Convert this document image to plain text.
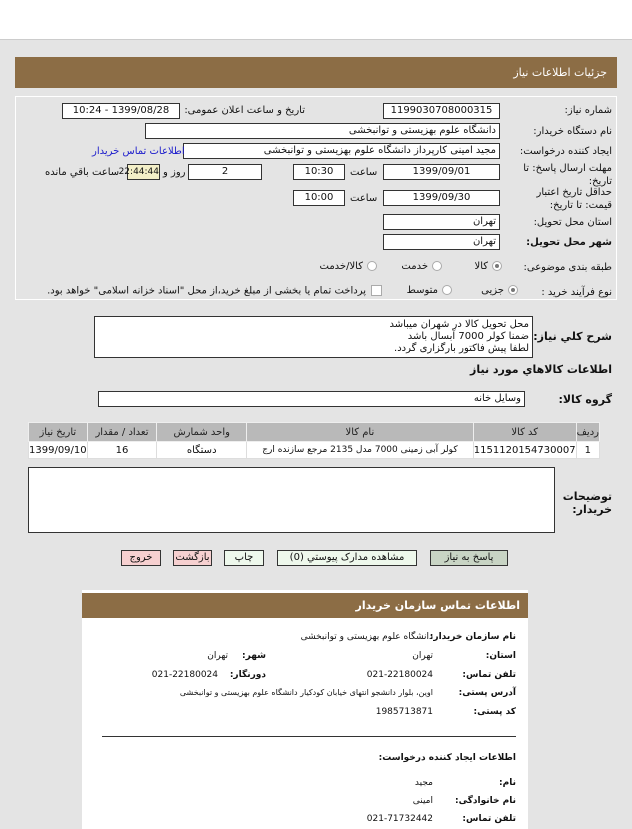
جزئیات اطلاعات نیاز
شماره نیاز:
1199030708000315
تاریخ و ساعت اعلان عمومی:
1399/08/28 - 10:24
نام دستگاه خریدار:
دانشگاه علوم بهزیستی و توانبخشی
ایجاد کننده درخواست:
مجید امینی کارپرداز دانشگاه علوم بهزیستی و توانبخشی
اطلاعات تماس خریدار
مهلت ارسال پاسخ: تا تاریخ:
1399/09/01
ساعت
10:30
2
روز و
22:44:44
ساعت باقي مانده
حداقل تاریخ اعتبار قیمت: تا تاریخ:
1399/09/30
ساعت
10:00
استان محل تحویل:
تهران
شهر محل تحویل:
تهران
طبقه بندی موضوعی:
کالا
خدمت
کالا/خدمت
نوع فرآیند خرید :
جزیی
متوسط
پرداخت تمام یا بخشی از مبلغ خرید،از محل "اسناد خزانه اسلامی" خواهد بود.
شرح کلي نياز:
محل تحویل کالا در شهران میباشد
ضمنا کولر 7000 آبسال باشد
لطفا پیش فاکتور بارگزاری گردد.
اطلاعات کالاهاي مورد نياز
گروه کالا:
وسایل خانه
رديف	کد کالا	نام کالا	واحد شمارش	تعداد / مقدار	تاریخ نیاز
1	1151120154730007	کولر آبی زمینی 7000 مدل 2135 مرجع سازنده ارج	دستگاه	16	1399/09/10
توضیحات خریدار:
پاسخ به نیاز
مشاهده مدارک پیوستي (0)
چاپ
بازگشت
خروج
اطلاعات تماس سازمان خریدار
نام سازمان خریدار:
دانشگاه علوم بهزیستی و توانبخشی
استان:
تهران
شهر:
تهران
تلفن تماس:
021-22180024
دورنگار:
021-22180024
آدرس پستی:
اوین، بلوار دانشجو انتهای خیابان کودکیار دانشگاه علوم بهزیستی و توانبخشی
کد پستی:
1985713871
اطلاعات ایجاد کننده درخواست:
نام:
مجید
نام خانوادگی:
امینی
تلفن تماس:
021-71732442
